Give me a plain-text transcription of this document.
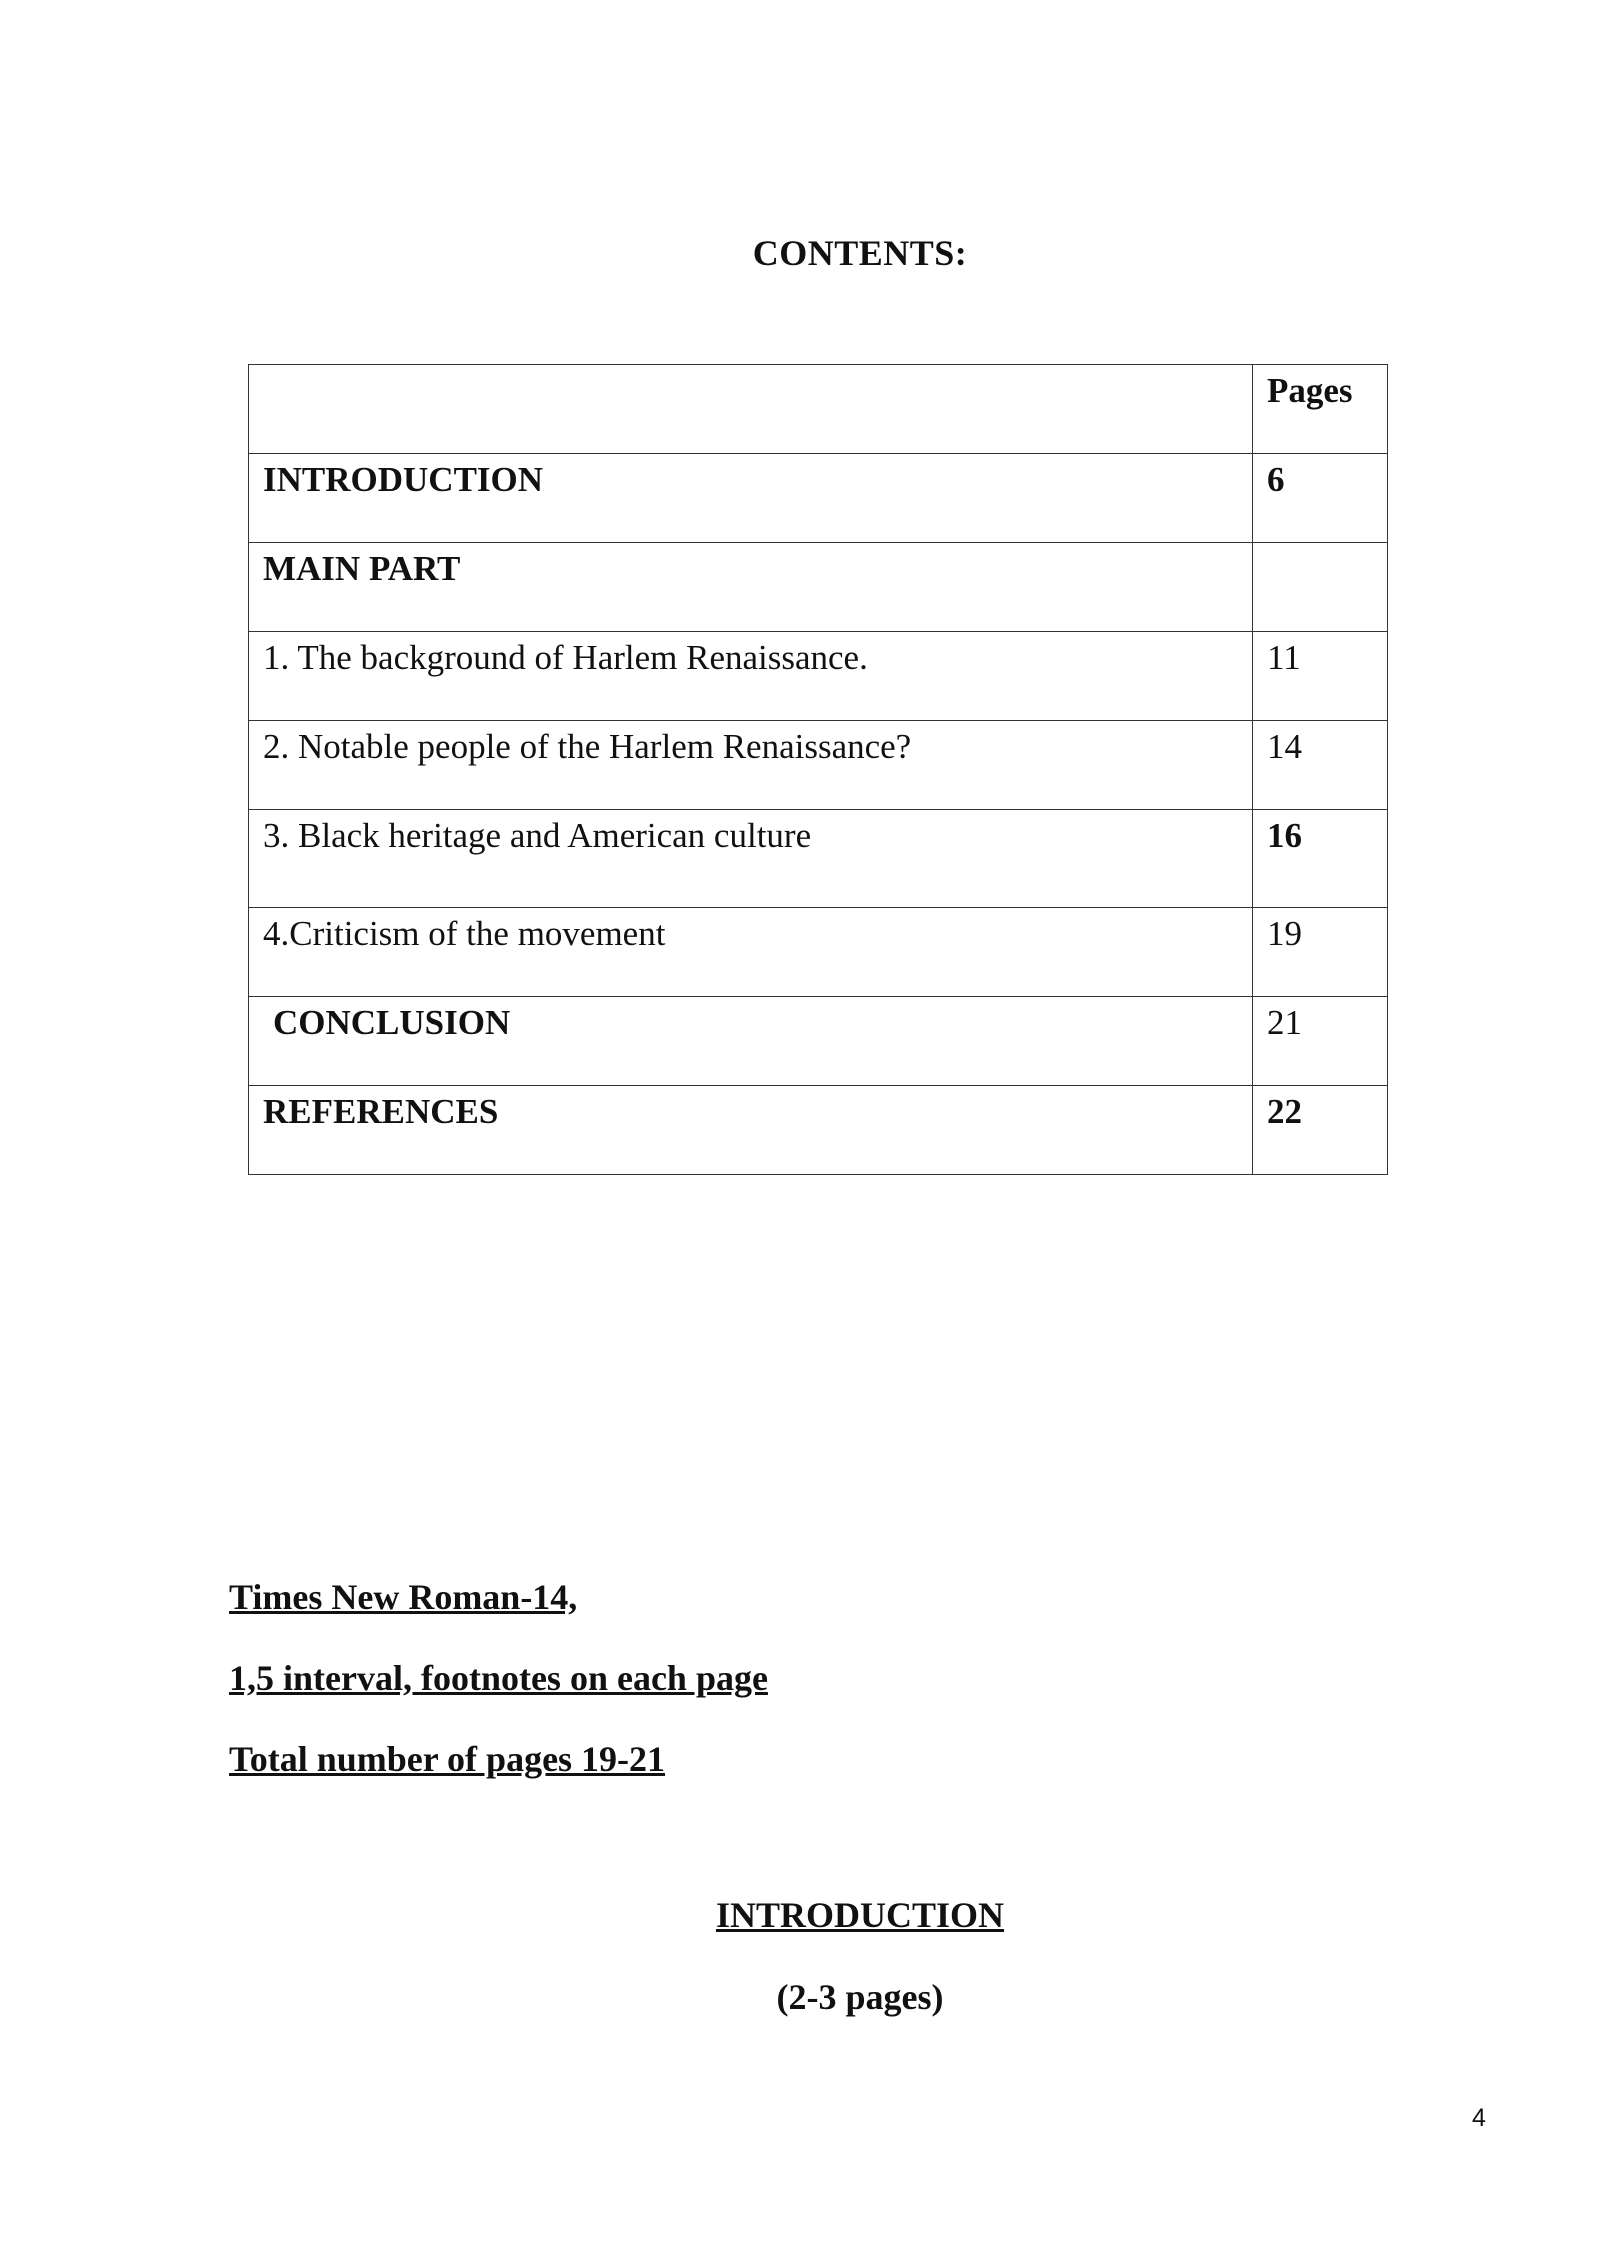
CONTENTS:
	Pages
INTRODUCTION	6
MAIN PART	
1. The background of Harlem Renaissance.	11
2. Notable people of the Harlem Renaissance?	14
3. Black heritage and American culture	16
4.Criticism of the movement	19
CONCLUSION	21
REFERENCES	22
Times New Roman-14,
1,5 interval, footnotes on each page
Total number of pages 19-21
INTRODUCTION
(2-3 pages)
4
